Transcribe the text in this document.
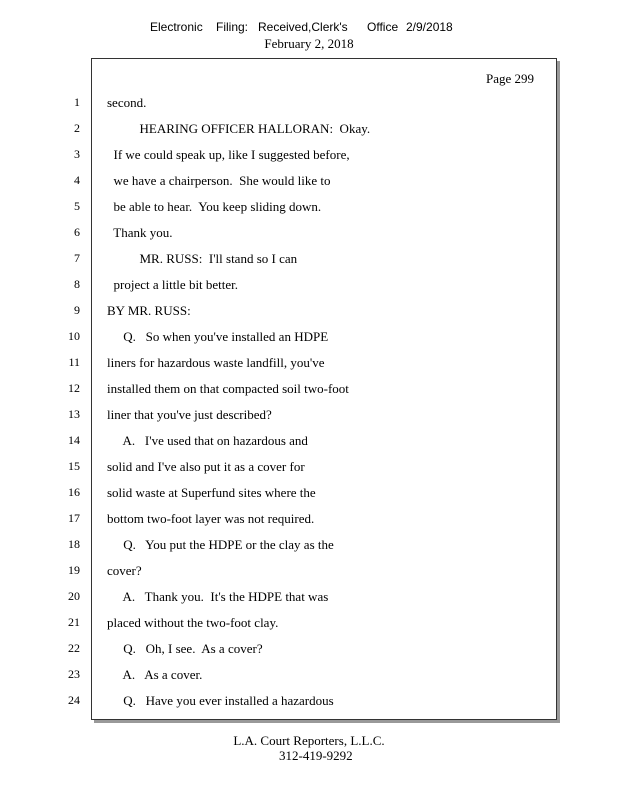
Electronic Filing: Received,Clerk's Office 2/9/2018
February 2, 2018
Page 299
1 second.
2 HEARING OFFICER HALLORAN:  Okay.
3 If we could speak up, like I suggested before,
4 we have a chairperson.  She would like to
5 be able to hear.  You keep sliding down.
6 Thank you.
7 MR. RUSS:  I'll stand so I can
8 project a little bit better.
9 BY MR. RUSS:
10 Q.   So when you've installed an HDPE
11 liners for hazardous waste landfill, you've
12 installed them on that compacted soil two-foot
13 liner that you've just described?
14 A.   I've used that on hazardous and
15 solid and I've also put it as a cover for
16 solid waste at Superfund sites where the
17 bottom two-foot layer was not required.
18 Q.   You put the HDPE or the clay as the
19 cover?
20 A.   Thank you.  It's the HDPE that was
21 placed without the two-foot clay.
22 Q.   Oh, I see.  As a cover?
23 A.   As a cover.
24 Q.   Have you ever installed a hazardous
L.A. Court Reporters, L.L.C.
312-419-9292
